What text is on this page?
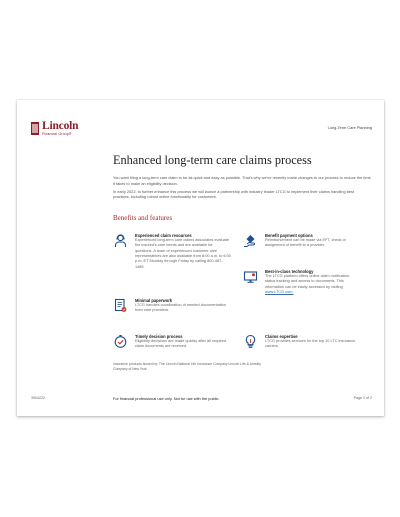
Lincoln
Financial Group®
Long-Term Care Planning
Enhanced long-term care claims process

You want filing a long-term care claim to be as quick and easy as possible. That's why we've recently made changes to our process to reduce the time it takes to make an eligibility decision.

In early 2022, to further enhance this process we will launch a partnership with industry leader LTCG to implement their claims handling best practices, including robust online functionality for customers.

Benefits and features
Experienced claim resources
Experienced long-term care claims associates evaluate the insured's care needs and are available for questions. A team of experienced customer care representatives are also available from 8:00 a.m. to 6:00 p.m. ET Monday through Friday by calling 800-487-1485.
Minimal paperwork
LTCG handles coordination of needed documentation from care providers.
Timely decision process
Eligibility decisions are made quickly after all required claim documents are received.
Benefit payment options
Reimbursement can be made via EFT, check or assignment of benefit to a provider.
Best-in-class technology
The LTCG platform offers online claim notification, status tracking and access to documents. This information can be easily accessed by visiting www.LTCG.com.
Claims expertise
LTCG provides services for the top 10 LTC insurance carriers.
Insurance products issued by: The Lincoln National Life Insurance Company Lincoln Life & Annuity Company of New York
3904222	For financial professional use only. Not for use with the public.	Page 1 of 2
